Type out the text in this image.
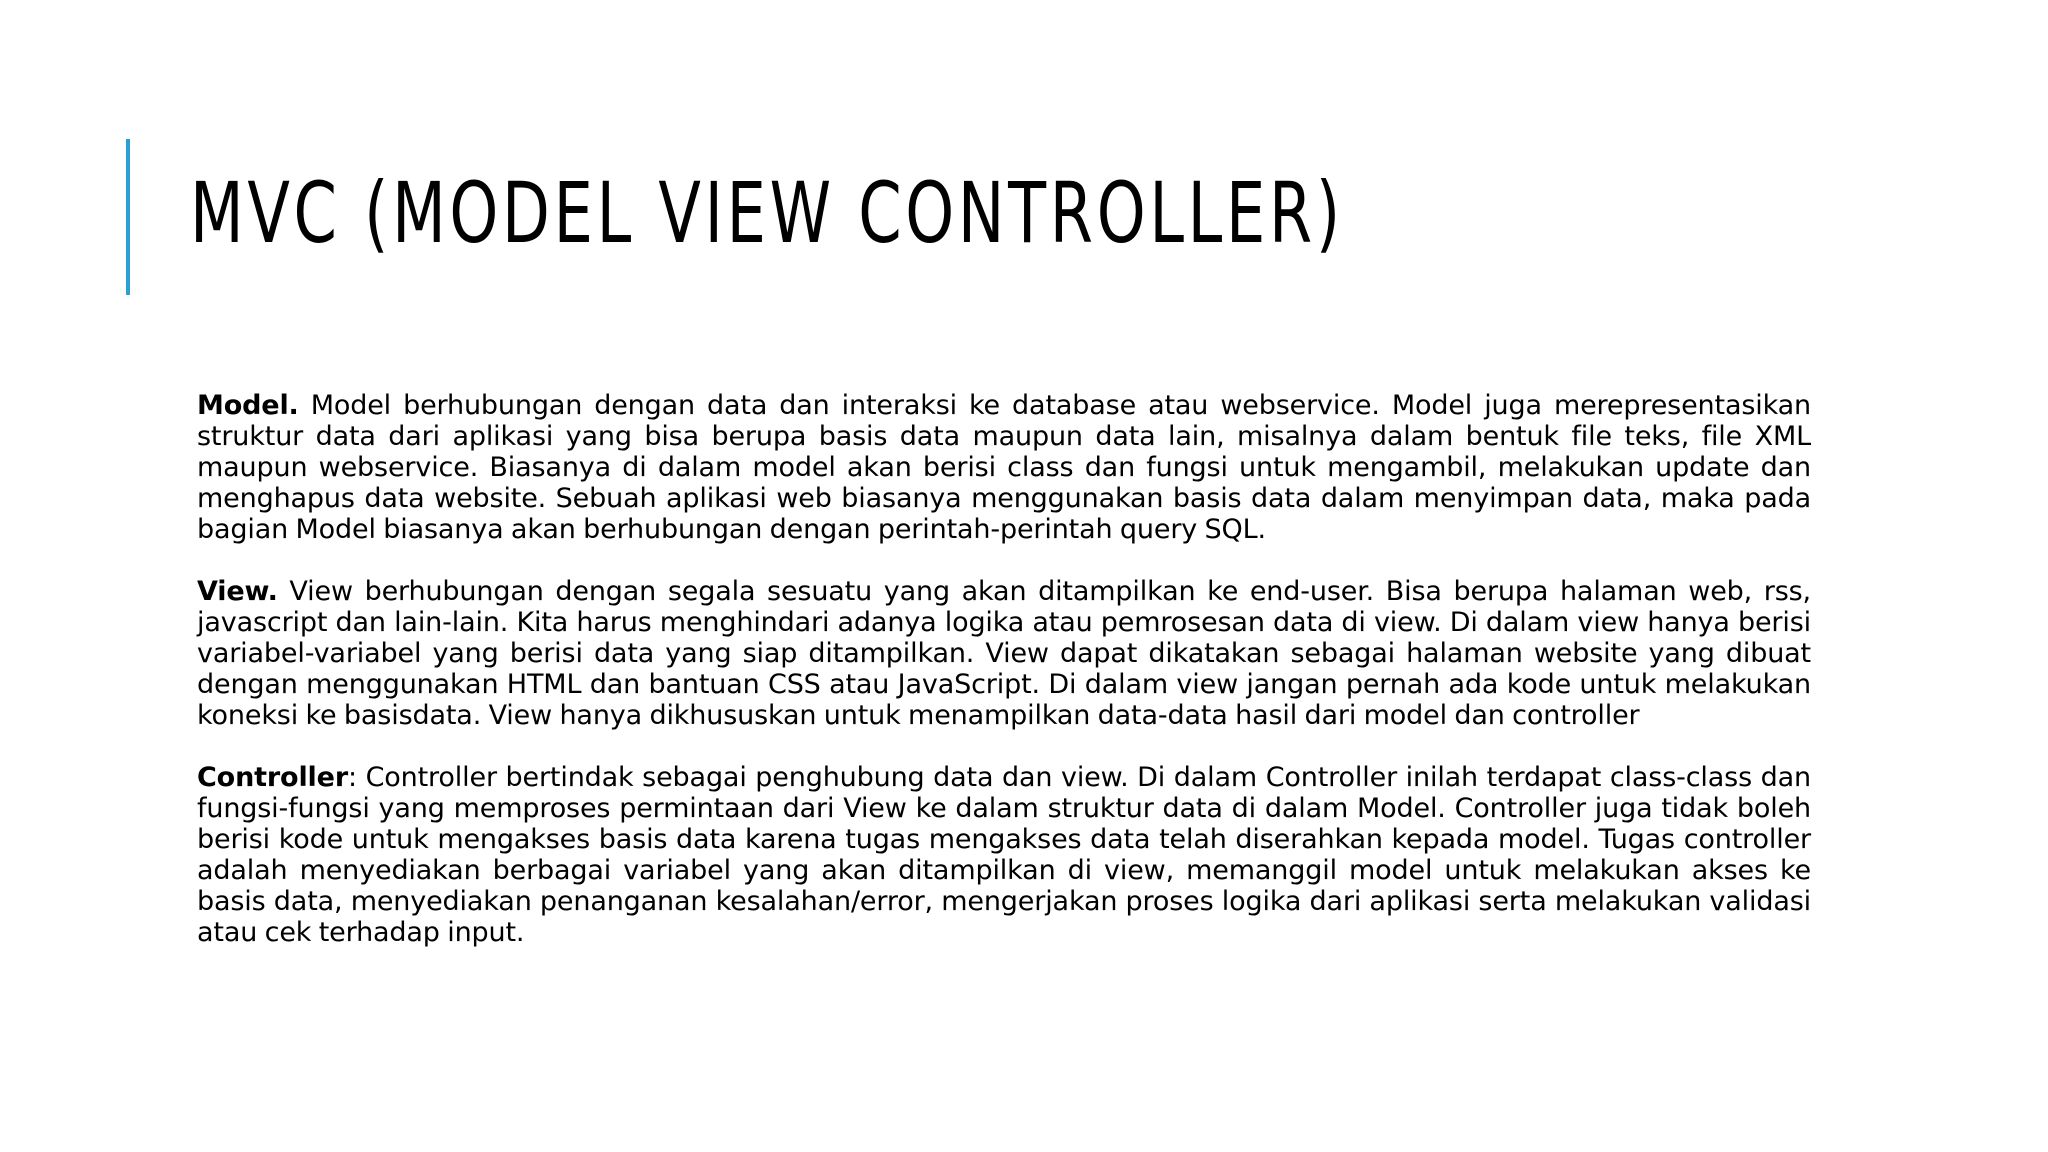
MVC (MODEL VIEW CONTROLLER)

Model. Model berhubungan dengan data dan interaksi ke database atau webservice. Model juga merepresentasikan struktur data dari aplikasi yang bisa berupa basis data maupun data lain, misalnya dalam bentuk file teks, file XML maupun webservice. Biasanya di dalam model akan berisi class dan fungsi untuk mengambil, melakukan update dan menghapus data website. Sebuah aplikasi web biasanya menggunakan basis data dalam menyimpan data, maka pada bagian Model biasanya akan berhubungan dengan perintah-perintah query SQL.

View. View berhubungan dengan segala sesuatu yang akan ditampilkan ke end-user. Bisa berupa halaman web, rss, javascript dan lain-lain. Kita harus menghindari adanya logika atau pemrosesan data di view. Di dalam view hanya berisi variabel-variabel yang berisi data yang siap ditampilkan. View dapat dikatakan sebagai halaman website yang dibuat dengan menggunakan HTML dan bantuan CSS atau JavaScript. Di dalam view jangan pernah ada kode untuk melakukan koneksi ke basisdata. View hanya dikhususkan untuk menampilkan data-data hasil dari model dan controller

Controller: Controller bertindak sebagai penghubung data dan view. Di dalam Controller inilah terdapat class-class dan fungsi-fungsi yang memproses permintaan dari View ke dalam struktur data di dalam Model. Controller juga tidak boleh berisi kode untuk mengakses basis data karena tugas mengakses data telah diserahkan kepada model. Tugas controller adalah menyediakan berbagai variabel yang akan ditampilkan di view, memanggil model untuk melakukan akses ke basis data, menyediakan penanganan kesalahan/error, mengerjakan proses logika dari aplikasi serta melakukan validasi atau cek terhadap input.
